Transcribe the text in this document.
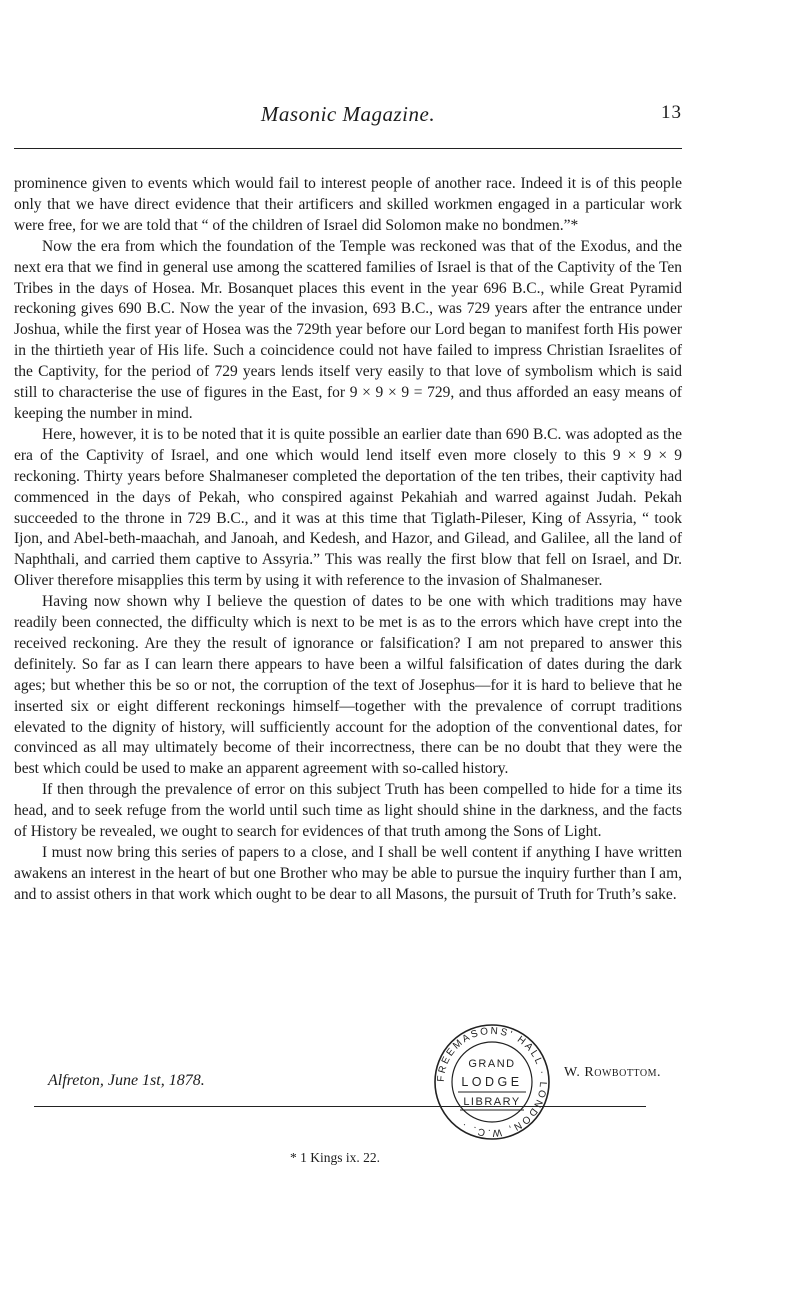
Masonic Magazine.	13

prominence given to events which would fail to interest people of another race. Indeed it is of this people only that we have direct evidence that their artificers and skilled workmen engaged in a particular work were free, for we are told that “ of the children of Israel did Solomon make no bondmen.”*

Now the era from which the foundation of the Temple was reckoned was that of the Exodus, and the next era that we find in general use among the scattered families of Israel is that of the Captivity of the Ten Tribes in the days of Hosea. Mr. Bosanquet places this event in the year 696 B.C., while Great Pyramid reckoning gives 690 B.C. Now the year of the invasion, 693 B.C., was 729 years after the entrance under Joshua, while the first year of Hosea was the 729th year before our Lord began to manifest forth His power in the thirtieth year of His life. Such a coincidence could not have failed to impress Christian Israelites of the Captivity, for the period of 729 years lends itself very easily to that love of symbolism which is said still to characterise the use of figures in the East, for 9 × 9 × 9 = 729, and thus afforded an easy means of keeping the number in mind.

Here, however, it is to be noted that it is quite possible an earlier date than 690 B.C. was adopted as the era of the Captivity of Israel, and one which would lend itself even more closely to this 9 × 9 × 9 reckoning. Thirty years before Shalmaneser completed the deportation of the ten tribes, their captivity had commenced in the days of Pekah, who conspired against Pekahiah and warred against Judah. Pekah succeeded to the throne in 729 B.C., and it was at this time that Tiglath-Pileser, King of Assyria, “ took Ijon, and Abel-beth-maachah, and Janoah, and Kedesh, and Hazor, and Gilead, and Galilee, all the land of Naphthali, and carried them captive to Assyria.” This was really the first blow that fell on Israel, and Dr. Oliver therefore misapplies this term by using it with reference to the invasion of Shalmaneser.

Having now shown why I believe the question of dates to be one with which traditions may have readily been connected, the difficulty which is next to be met is as to the errors which have crept into the received reckoning. Are they the result of ignorance or falsification? I am not prepared to answer this definitely. So far as I can learn there appears to have been a wilful falsification of dates during the dark ages; but whether this be so or not, the corruption of the text of Josephus—for it is hard to believe that he inserted six or eight different reckonings himself—together with the prevalence of corrupt traditions elevated to the dignity of history, will sufficiently account for the adoption of the conventional dates, for convinced as all may ultimately become of their incorrectness, there can be no doubt that they were the best which could be used to make an apparent agreement with so-called history.

If then through the prevalence of error on this subject Truth has been compelled to hide for a time its head, and to seek refuge from the world until such time as light should shine in the darkness, and the facts of History be revealed, we ought to search for evidences of that truth among the Sons of Light.

I must now bring this series of papers to a close, and I shall be well content if anything I have written awakens an interest in the heart of but one Brother who may be able to pursue the inquiry further than I am, and to assist others in that work which ought to be dear to all Masons, the pursuit of Truth for Truth’s sake.

W. Rowbottom.
Alfreton, June 1st, 1878.
* 1 Kings ix. 22.
FREEMASONS' HALL · LONDON, W.C. ·
GRAND
LODGE
LIBRARY
